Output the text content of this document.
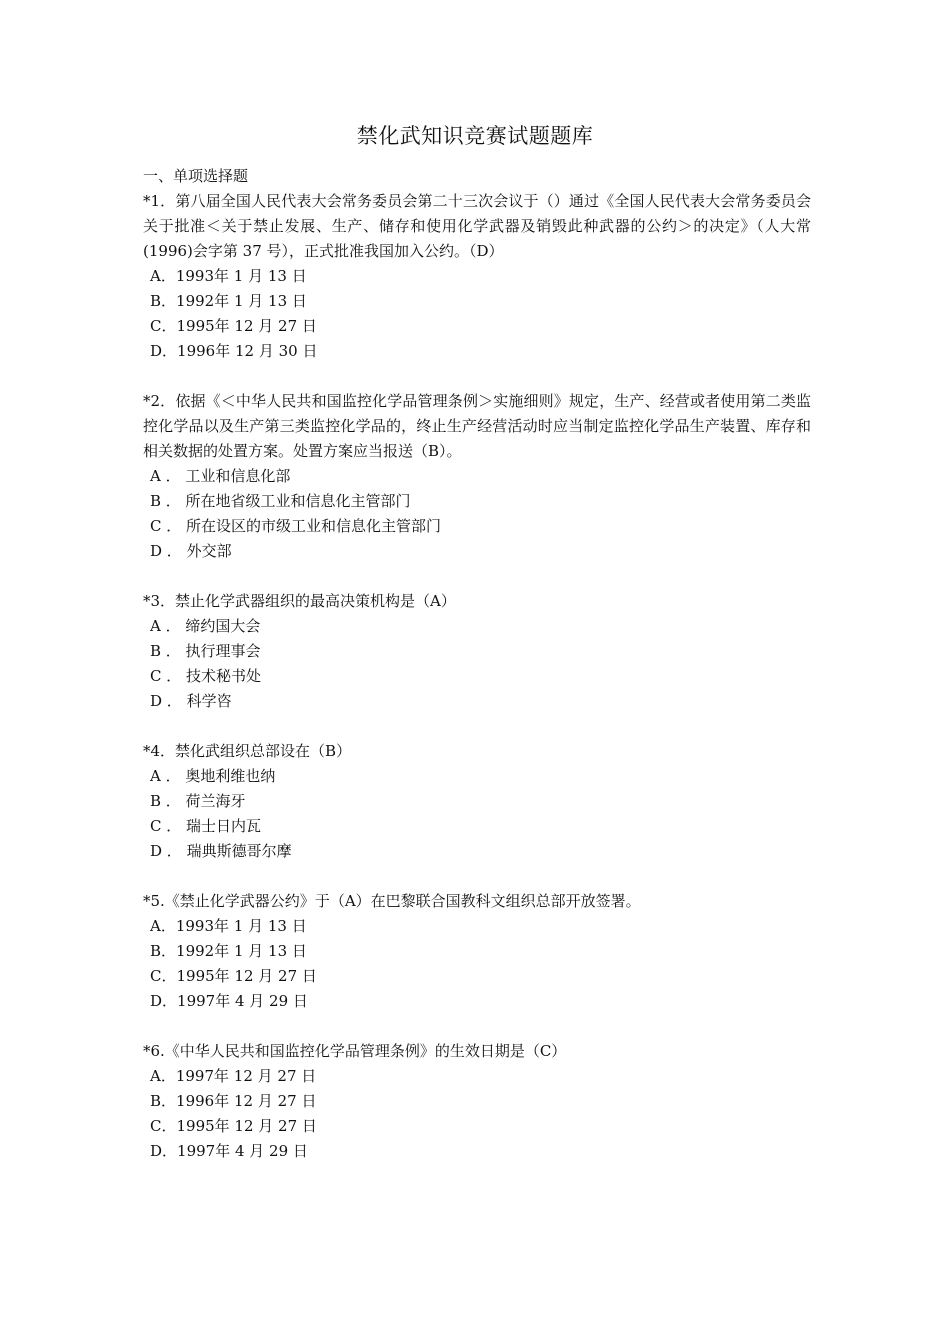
禁化武知识竞赛试题题库

一、单项选择题

*1．第八届全国人民代表大会常务委员会第二十三次会议于（）通过《全国人民代表大会常务委员会关于批准＜关于禁止发展、生产、储存和使用化学武器及销毁此种武器的公约＞的决定》（人大常(1996)会字第 37 号），正式批准我国加入公约。（D）

A．1993年 1 月 13 日

B．1992年 1 月 13 日

C．1995年 12 月 27 日

D．1996年 12 月 30 日

*2．依据《＜中华人民共和国监控化学品管理条例＞实施细则》规定，生产、经营或者使用第二类监控化学品以及生产第三类监控化学品的，终止生产经营活动时应当制定监控化学品生产装置、库存和相关数据的处置方案。处置方案应当报送（B）。

A ． 工业和信息化部

B ． 所在地省级工业和信息化主管部门

C ． 所在设区的市级工业和信息化主管部门

D ． 外交部

*3．禁止化学武器组织的最高决策机构是（A）

A ． 缔约国大会

B ． 执行理事会

C ． 技术秘书处

D ． 科学咨

*4．禁化武组织总部设在（B）

A ． 奥地利维也纳

B ． 荷兰海牙

C ． 瑞士日内瓦

D ． 瑞典斯德哥尔摩

*5.《禁止化学武器公约》于（A）在巴黎联合国教科文组织总部开放签署。

A．1993年 1 月 13 日

B．1992年 1 月 13 日

C．1995年 12 月 27 日

D．1997年 4 月 29 日

*6.《中华人民共和国监控化学品管理条例》的生效日期是（C）

A．1997年 12 月 27 日

B．1996年 12 月 27 日

C．1995年 12 月 27 日

D．1997年 4 月 29 日
